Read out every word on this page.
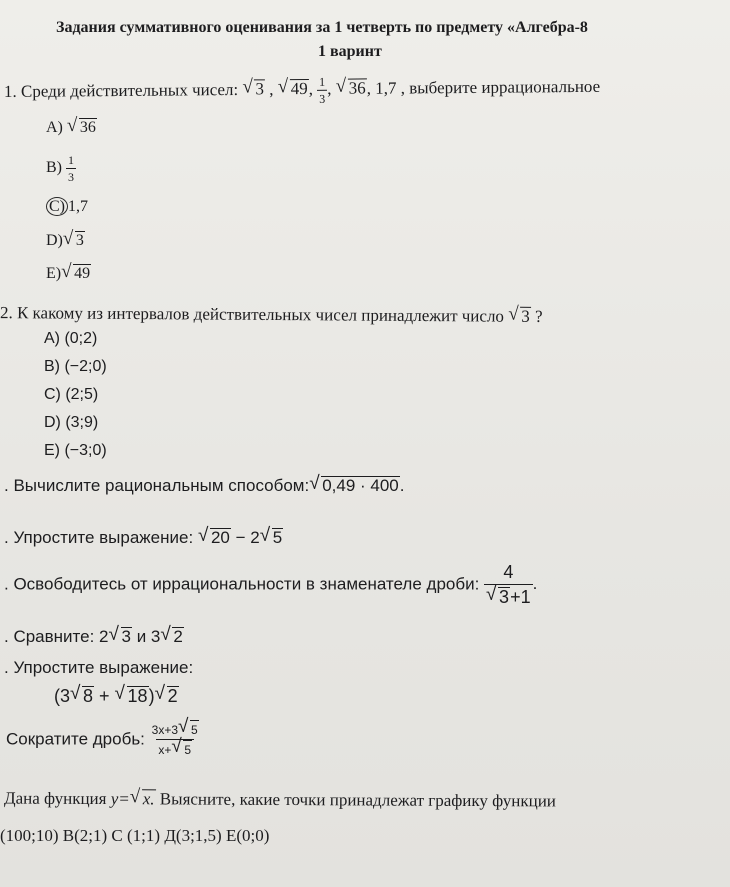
Задания суммативного оценивания за 1 четверть по предмету «Алгебра-8
1 варинт
1. Среди действительных чисел: √ 3 , √ 49, $\frac{1}{3}$ , √ 36, 1,7 , выберите иррациональное
A) √ 36
$B) \frac{1}{3}$
C) 1,7
D) √ 3
E) √ 49
2. К какому из интервалов действительных чисел принадлежит число √ 3 ?
A) (0;2)
B) (−2;0)
C) (2;5)
D) (3;9)
E) (−3;0)
. Вычислите рациональным способом: √ 0,49 · 400.
. Упростите выражение: √ 20 − 2 √ 5
. Освободитесь от иррациональности в знаменателе дроби: 4
√ 3+1 .
. Сравните: 2 √ 3 и 3 √ 2
. Упростите выражение:
(3 √ 8 + √ 18) √ 2
Сократите дробь: $\frac{3x+3 √ 5}{x+ √ 5}$
Дана функция y= √ x. Выясните, какие точки принадлежат графику функции
(100;10) B(2;1) C (1;1) Д(3;1,5) E(0;0)
